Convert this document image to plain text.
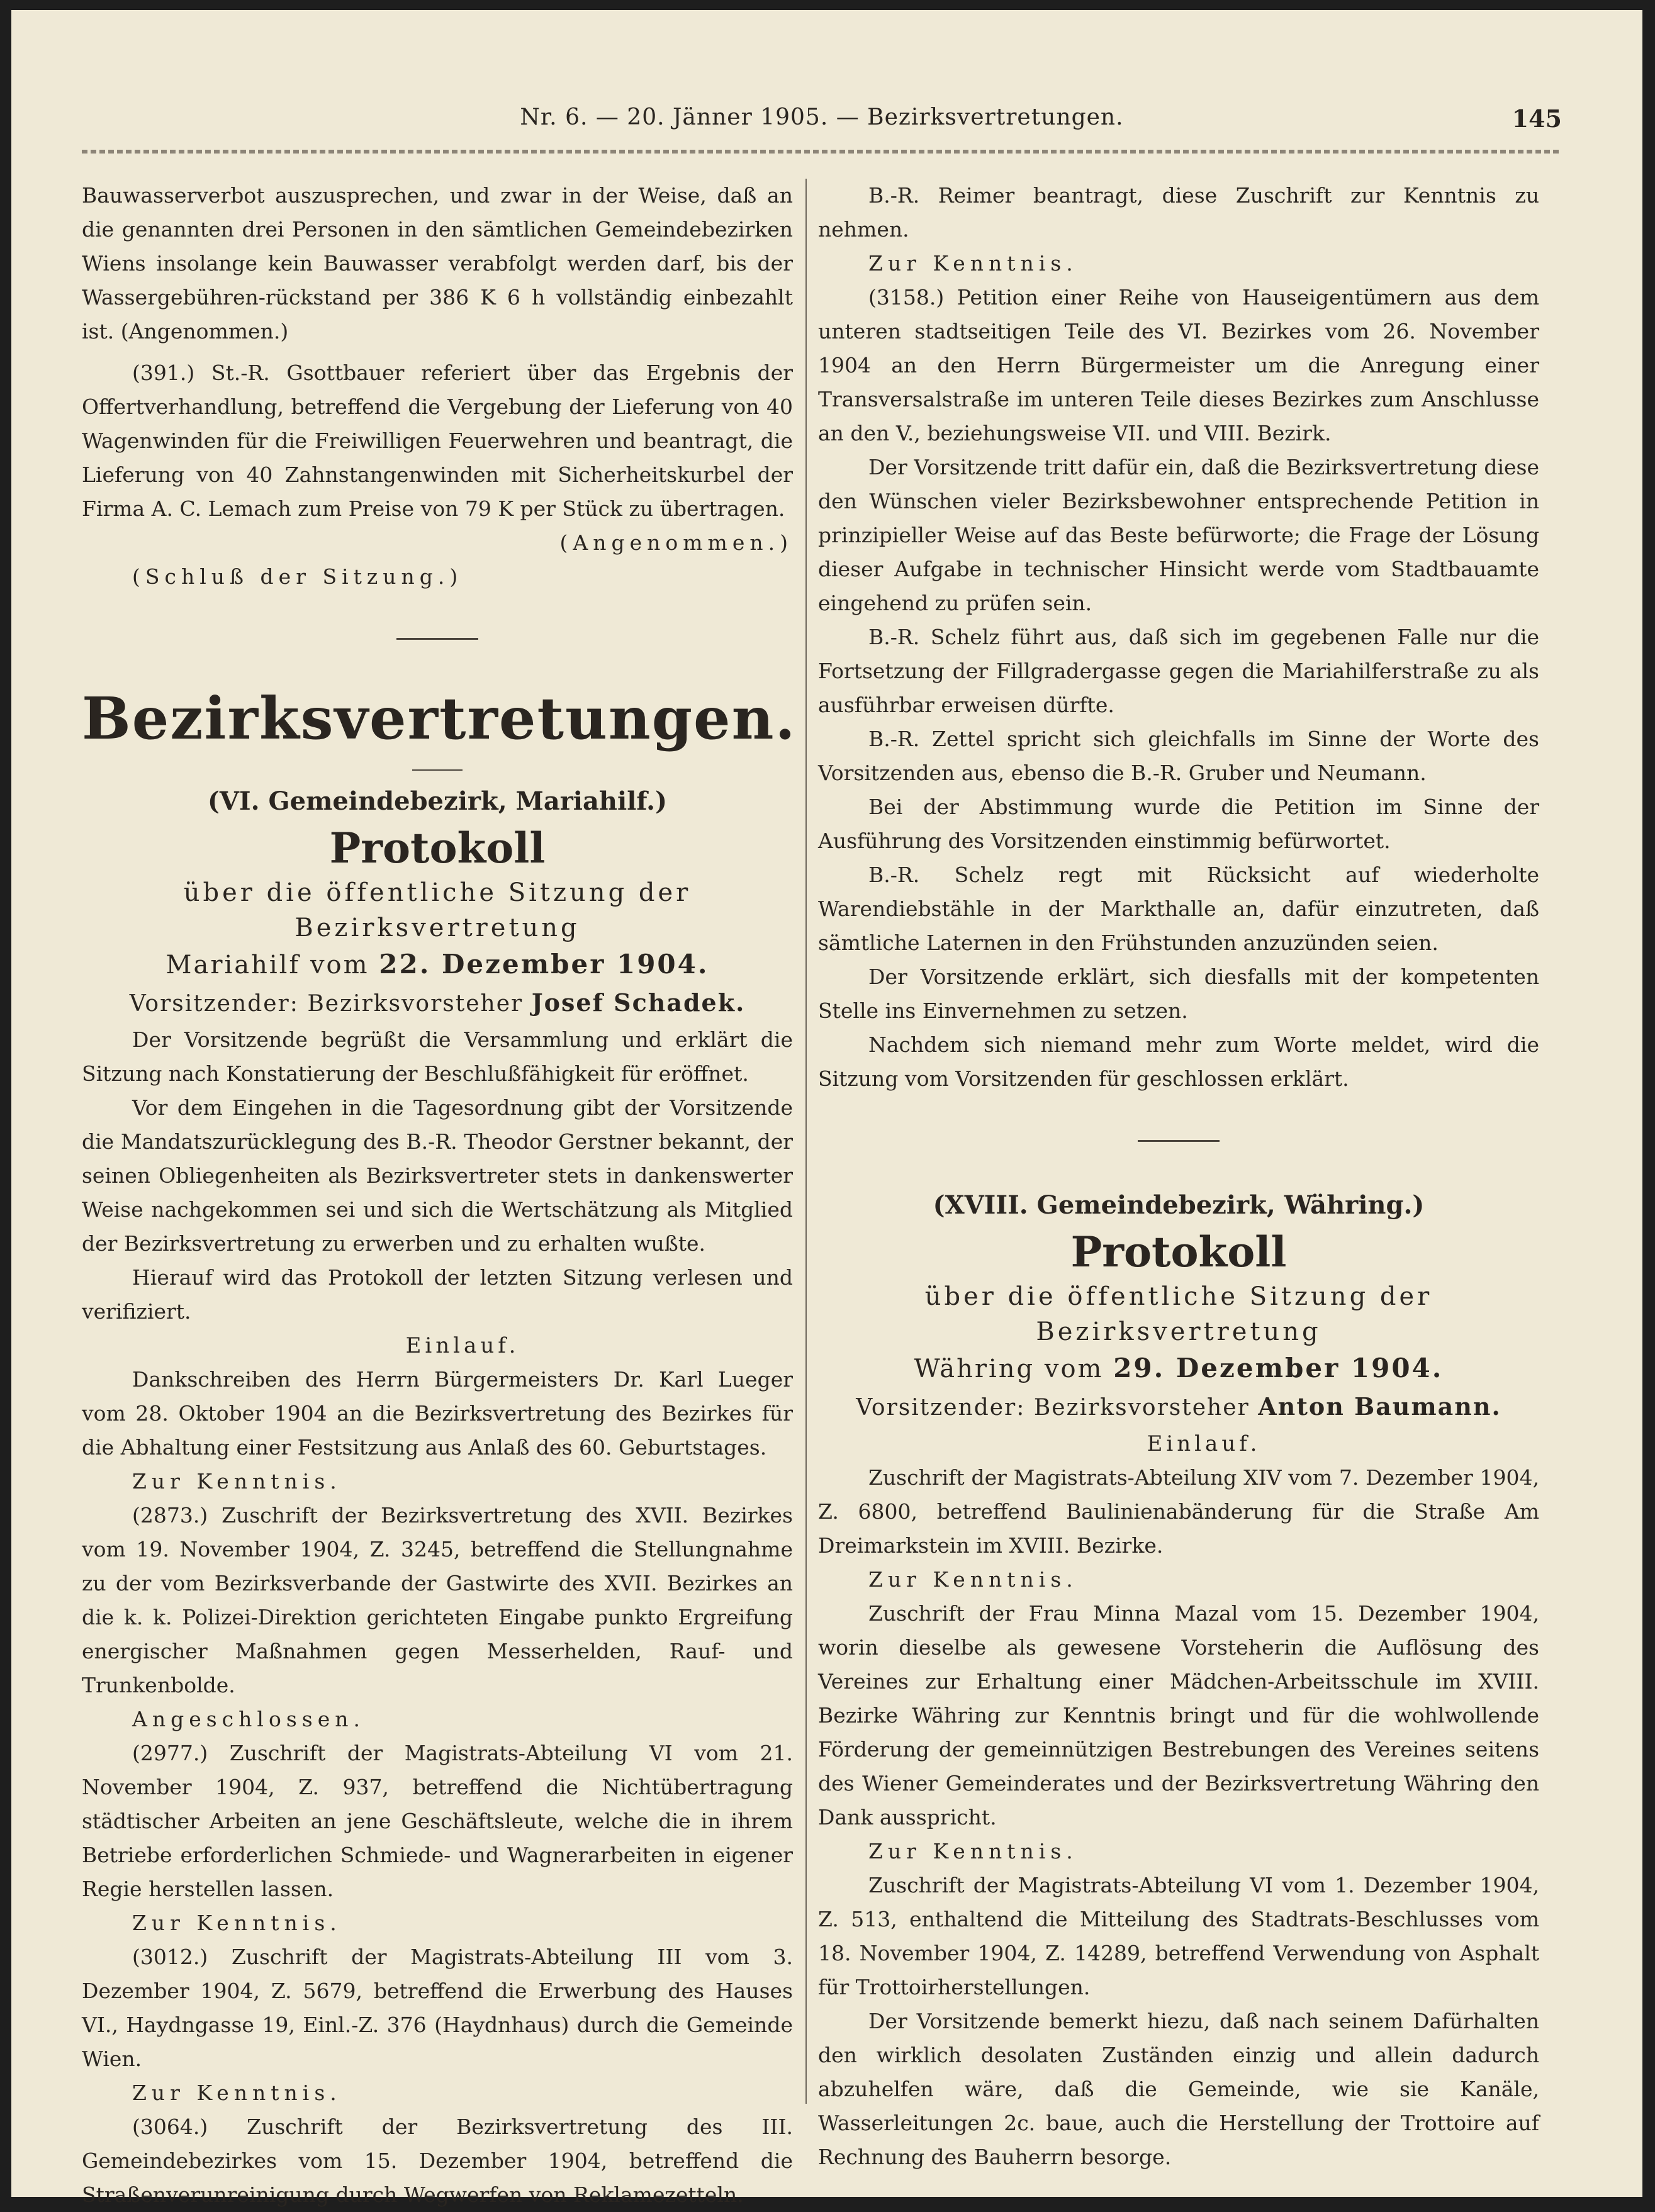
Nr. 6. — 20. Jänner 1905. — Bezirksvertretungen.	145

Bauwasserverbot auszusprechen, und zwar in der Weise, daß an die genannten drei Personen in den sämtlichen Gemeindebezirken Wiens insolange kein Bauwasser verabfolgt werden darf, bis der Wassergebühren-rückstand per 386 K 6 h vollständig einbezahlt ist. (Angenommen.)

(391.) St.-R. Gsottbauer referiert über das Ergebnis der Offertverhandlung, betreffend die Vergebung der Lieferung von 40 Wagenwinden für die Freiwilligen Feuerwehren und beantragt, die Lieferung von 40 Zahnstangenwinden mit Sicherheitskurbel der Firma A. C. Lemach zum Preise von 79 K per Stück zu übertragen.

(Angenommen.)

(Schluß der Sitzung.)

Bezirksvertretungen.
(VI. Gemeindebezirk, Mariahilf.)
Protokoll
über die öffentliche Sitzung der Bezirksvertretung
Mariahilf vom 22. Dezember 1904.
Vorsitzender: Bezirksvorsteher Josef Schadek.

Der Vorsitzende begrüßt die Versammlung und erklärt die Sitzung nach Konstatierung der Beschlußfähigkeit für eröffnet.

Vor dem Eingehen in die Tagesordnung gibt der Vorsitzende die Mandatszurücklegung des B.-R. Theodor Gerstner bekannt, der seinen Obliegenheiten als Bezirksvertreter stets in dankenswerter Weise nachgekommen sei und sich die Wertschätzung als Mitglied der Bezirksvertretung zu erwerben und zu erhalten wußte.

Hierauf wird das Protokoll der letzten Sitzung verlesen und verifiziert.

Einlauf.

Dankschreiben des Herrn Bürgermeisters Dr. Karl Lueger vom 28. Oktober 1904 an die Bezirksvertretung des Bezirkes für die Abhaltung einer Festsitzung aus Anlaß des 60. Geburtstages.

Zur Kenntnis.

(2873.) Zuschrift der Bezirksvertretung des XVII. Bezirkes vom 19. November 1904, Z. 3245, betreffend die Stellungnahme zu der vom Bezirksverbande der Gastwirte des XVII. Bezirkes an die k. k. Polizei-Direktion gerichteten Eingabe punkto Ergreifung energischer Maßnahmen gegen Messerhelden, Rauf- und Trunkenbolde.

Angeschlossen.

(2977.) Zuschrift der Magistrats-Abteilung VI vom 21. November 1904, Z. 937, betreffend die Nichtübertragung städtischer Arbeiten an jene Geschäftsleute, welche die in ihrem Betriebe erforderlichen Schmiede- und Wagnerarbeiten in eigener Regie herstellen lassen.

Zur Kenntnis.

(3012.) Zuschrift der Magistrats-Abteilung III vom 3. Dezember 1904, Z. 5679, betreffend die Erwerbung des Hauses VI., Haydngasse 19, Einl.-Z. 376 (Haydnhaus) durch die Gemeinde Wien.

Zur Kenntnis.

(3064.) Zuschrift der Bezirksvertretung des III. Gemeindebezirkes vom 15. Dezember 1904, betreffend die Straßenverunreinigung durch Wegwerfen von Reklamezetteln.

B.-R. Reimer beantragt, diese Zuschrift zur Kenntnis zu nehmen.

Zur Kenntnis.

(3158.) Petition einer Reihe von Hauseigentümern aus dem unteren stadtseitigen Teile des VI. Bezirkes vom 26. November 1904 an den Herrn Bürgermeister um die Anregung einer Transversalstraße im unteren Teile dieses Bezirkes zum Anschlusse an den V., beziehungsweise VII. und VIII. Bezirk.

Der Vorsitzende tritt dafür ein, daß die Bezirksvertretung diese den Wünschen vieler Bezirksbewohner entsprechende Petition in prinzipieller Weise auf das Beste befürworte; die Frage der Lösung dieser Aufgabe in technischer Hinsicht werde vom Stadtbauamte eingehend zu prüfen sein.

B.-R. Schelz führt aus, daß sich im gegebenen Falle nur die Fortsetzung der Fillgradergasse gegen die Mariahilferstraße zu als ausführbar erweisen dürfte.

B.-R. Zettel spricht sich gleichfalls im Sinne der Worte des Vorsitzenden aus, ebenso die B.-R. Gruber und Neumann.

Bei der Abstimmung wurde die Petition im Sinne der Ausführung des Vorsitzenden einstimmig befürwortet.

B.-R. Schelz regt mit Rücksicht auf wiederholte Warendiebstähle in der Markthalle an, dafür einzutreten, daß sämtliche Laternen in den Frühstunden anzuzünden seien.

Der Vorsitzende erklärt, sich diesfalls mit der kompetenten Stelle ins Einvernehmen zu setzen.

Nachdem sich niemand mehr zum Worte meldet, wird die Sitzung vom Vorsitzenden für geschlossen erklärt.

(XVIII. Gemeindebezirk, Währing.)
Protokoll
über die öffentliche Sitzung der Bezirksvertretung
Währing vom 29. Dezember 1904.
Vorsitzender: Bezirksvorsteher Anton Baumann.

Einlauf.

Zuschrift der Magistrats-Abteilung XIV vom 7. Dezember 1904, Z. 6800, betreffend Baulinienabänderung für die Straße Am Dreimarkstein im XVIII. Bezirke.

Zur Kenntnis.

Zuschrift der Frau Minna Mazal vom 15. Dezember 1904, worin dieselbe als gewesene Vorsteherin die Auflösung des Vereines zur Erhaltung einer Mädchen-Arbeitsschule im XVIII. Bezirke Währing zur Kenntnis bringt und für die wohlwollende Förderung der gemeinnützigen Bestrebungen des Vereines seitens des Wiener Gemeinderates und der Bezirksvertretung Währing den Dank ausspricht.

Zur Kenntnis.

Zuschrift der Magistrats-Abteilung VI vom 1. Dezember 1904, Z. 513, enthaltend die Mitteilung des Stadtrats-Beschlusses vom 18. November 1904, Z. 14289, betreffend Verwendung von Asphalt für Trottoirherstellungen.

Der Vorsitzende bemerkt hiezu, daß nach seinem Dafürhalten den wirklich desolaten Zuständen einzig und allein dadurch abzuhelfen wäre, daß die Gemeinde, wie sie Kanäle, Wasserleitungen 2c. baue, auch die Herstellung der Trottoire auf Rechnung des Bauherrn besorge.
